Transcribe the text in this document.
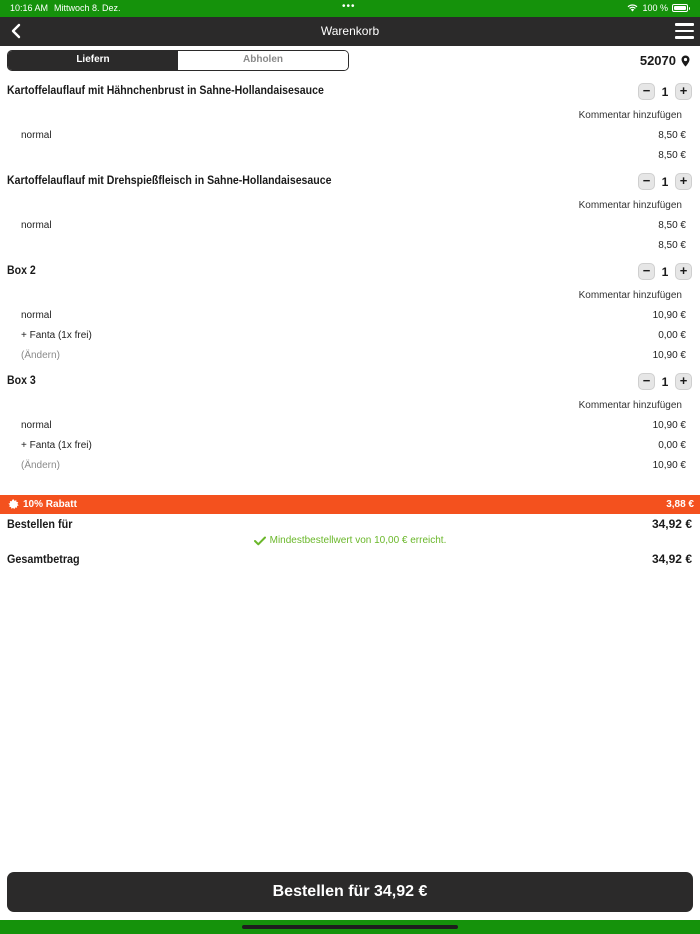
10:16 AM Mittwoch 8. Dez.	•••	100 %
Warenkorb
Liefern	Abholen	52070
Kartoffelauflauf mit Hähnchenbrust in Sahne-Hollandaisesauce	− 1 +
Kommentar hinzufügen
normal	8,50 €
8,50 €
Kartoffelauflauf mit Drehspießfleisch in Sahne-Hollandaisesauce	− 1 +
Kommentar hinzufügen
normal	8,50 €
8,50 €
Box 2	− 1 +
Kommentar hinzufügen
normal	10,90 €
+ Fanta (1x frei)	0,00 €
(Ändern)	10,90 €
Box 3	− 1 +
Kommentar hinzufügen
normal	10,90 €
+ Fanta (1x frei)	0,00 €
(Ändern)	10,90 €
10% Rabatt	3,88 €
Bestellen für	34,92 €
Mindestbestellwert von 10,00 € erreicht.
Gesamtbetrag	34,92 €
Bestellen für 34,92 €
